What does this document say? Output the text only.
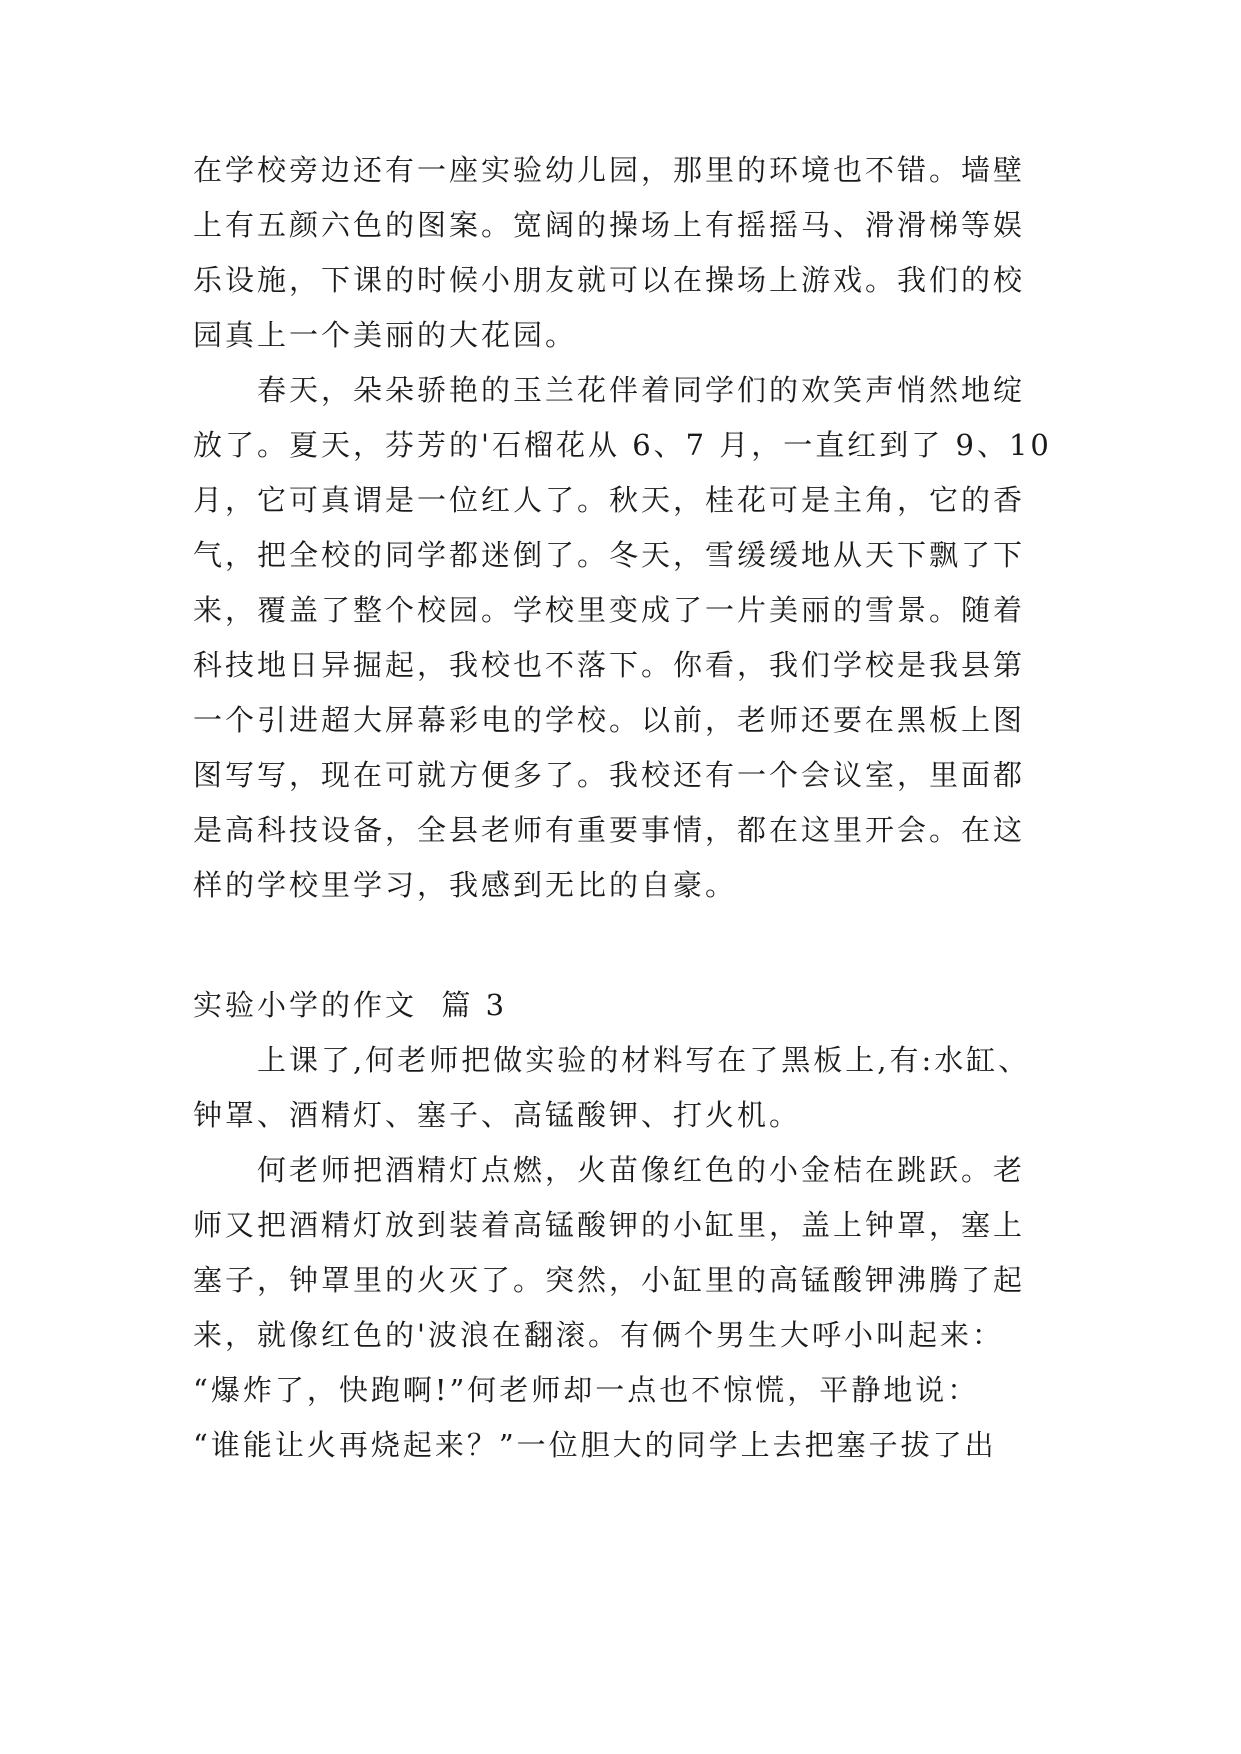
在学校旁边还有一座实验幼儿园，那里的环境也不错。墙壁

上有五颜六色的图案。宽阔的操场上有摇摇马、滑滑梯等娱

乐设施，下课的时候小朋友就可以在操场上游戏。我们的校

园真上一个美丽的大花园。

　　春天，朵朵骄艳的玉兰花伴着同学们的欢笑声悄然地绽

放了。夏天，芬芳的'石榴花从 6、7 月，一直红到了 9、10

月，它可真谓是一位红人了。秋天，桂花可是主角，它的香

气，把全校的同学都迷倒了。冬天，雪缓缓地从天下飘了下

来，覆盖了整个校园。学校里变成了一片美丽的雪景。随着

科技地日异掘起，我校也不落下。你看，我们学校是我县第

一个引进超大屏幕彩电的学校。以前，老师还要在黑板上图

图写写，现在可就方便多了。我校还有一个会议室，里面都

是高科技设备，全县老师有重要事情，都在这里开会。在这

样的学校里学习，我感到无比的自豪。

实验小学的作文  篇 3

　　上课了,何老师把做实验的材料写在了黑板上,有:水缸、

钟罩、酒精灯、塞子、高锰酸钾、打火机。

　　何老师把酒精灯点燃，火苗像红色的小金桔在跳跃。老

师又把酒精灯放到装着高锰酸钾的小缸里，盖上钟罩，塞上

塞子，钟罩里的火灭了。突然，小缸里的高锰酸钾沸腾了起

来，就像红色的'波浪在翻滚。有俩个男生大呼小叫起来：

“爆炸了，快跑啊!”何老师却一点也不惊慌，平静地说：

“谁能让火再烧起来？”一位胆大的同学上去把塞子拔了出
